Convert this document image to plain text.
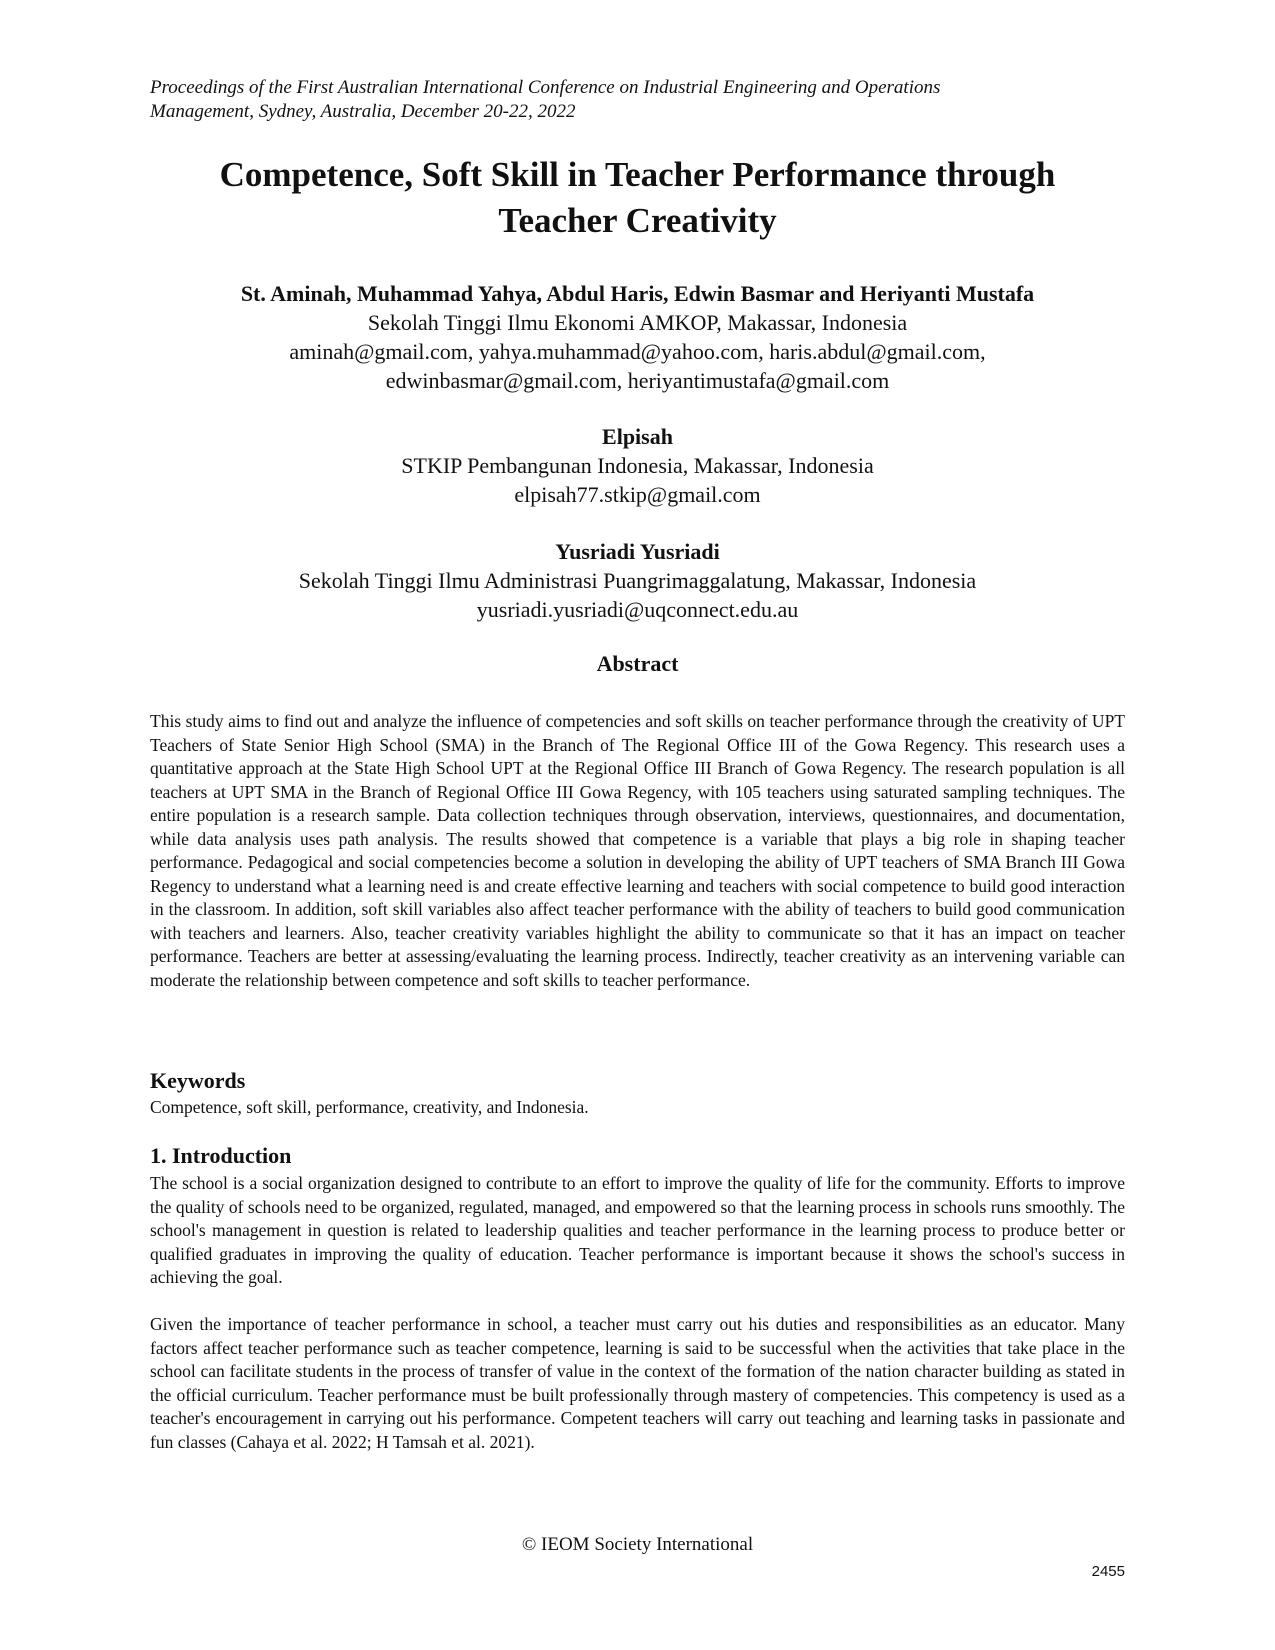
Proceedings of the First Australian International Conference on Industrial Engineering and Operations
Management, Sydney, Australia, December 20-22, 2022
Competence, Soft Skill in Teacher Performance through
Teacher Creativity
St. Aminah, Muhammad Yahya, Abdul Haris, Edwin Basmar and Heriyanti Mustafa
Sekolah Tinggi Ilmu Ekonomi AMKOP, Makassar, Indonesia
aminah@gmail.com, yahya.muhammad@yahoo.com, haris.abdul@gmail.com,
edwinbasmar@gmail.com, heriyantimustafa@gmail.com
Elpisah
STKIP Pembangunan Indonesia, Makassar, Indonesia
elpisah77.stkip@gmail.com
Yusriadi Yusriadi
Sekolah Tinggi Ilmu Administrasi Puangrimaggalatung, Makassar, Indonesia
yusriadi.yusriadi@uqconnect.edu.au
Abstract

This study aims to find out and analyze the influence of competencies and soft skills on teacher performance through the creativity of UPT Teachers of State Senior High School (SMA) in the Branch of The Regional Office III of the Gowa Regency. This research uses a quantitative approach at the State High School UPT at the Regional Office III Branch of Gowa Regency. The research population is all teachers at UPT SMA in the Branch of Regional Office III Gowa Regency, with 105 teachers using saturated sampling techniques. The entire population is a research sample. Data collection techniques through observation, interviews, questionnaires, and documentation, while data analysis uses path analysis. The results showed that competence is a variable that plays a big role in shaping teacher performance. Pedagogical and social competencies become a solution in developing the ability of UPT teachers of SMA Branch III Gowa Regency to understand what a learning need is and create effective learning and teachers with social competence to build good interaction in the classroom. In addition, soft skill variables also affect teacher performance with the ability of teachers to build good communication with teachers and learners. Also, teacher creativity variables highlight the ability to communicate so that it has an impact on teacher performance. Teachers are better at assessing/evaluating the learning process. Indirectly, teacher creativity as an intervening variable can moderate the relationship between competence and soft skills to teacher performance.

Keywords

Competence, soft skill, performance, creativity, and Indonesia.

1. Introduction

The school is a social organization designed to contribute to an effort to improve the quality of life for the community. Efforts to improve the quality of schools need to be organized, regulated, managed, and empowered so that the learning process in schools runs smoothly. The school's management in question is related to leadership qualities and teacher performance in the learning process to produce better or qualified graduates in improving the quality of education. Teacher performance is important because it shows the school's success in achieving the goal.

Given the importance of teacher performance in school, a teacher must carry out his duties and responsibilities as an educator. Many factors affect teacher performance such as teacher competence, learning is said to be successful when the activities that take place in the school can facilitate students in the process of transfer of value in the context of the formation of the nation character building as stated in the official curriculum. Teacher performance must be built professionally through mastery of competencies. This competency is used as a teacher's encouragement in carrying out his performance. Competent teachers will carry out teaching and learning tasks in passionate and fun classes (Cahaya et al. 2022; H Tamsah et al. 2021).

© IEOM Society International
2455
